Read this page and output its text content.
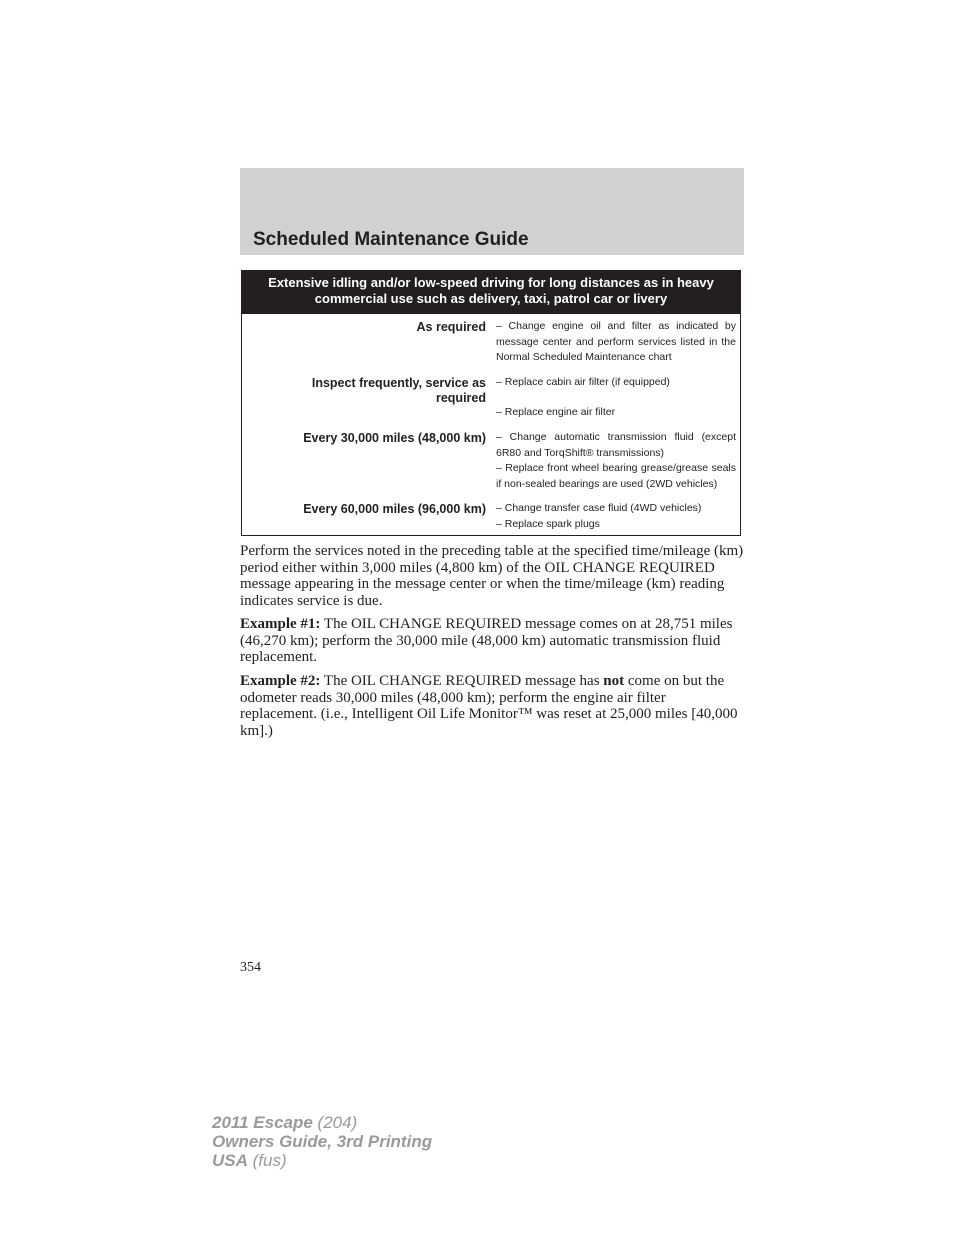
Scheduled Maintenance Guide
Extensive idling and/or low-speed driving for long distances as in heavy
commercial use such as delivery, taxi, patrol car or livery
As required – Change engine oil and filter as indicated by message center and perform services listed in the Normal Scheduled Maintenance chart
Inspect frequently, service as required
– Replace cabin air filter (if equipped)
– Replace engine air filter
Every 30,000 miles (48,000 km) – Change automatic transmission fluid (except 6R80 and TorqShift® transmissions)
– Replace front wheel bearing grease/grease seals if non-sealed bearings are used (2WD vehicles)
Every 60,000 miles (96,000 km) – Change transfer case fluid (4WD vehicles)
– Replace spark plugs

Perform the services noted in the preceding table at the specified time/mileage (km) period either within 3,000 miles (4,800 km) of the OIL CHANGE REQUIRED message appearing in the message center or when the time/mileage (km) reading indicates service is due.

Example #1: The OIL CHANGE REQUIRED message comes on at 28,751 miles (46,270 km); perform the 30,000 mile (48,000 km) automatic transmission fluid replacement.

Example #2: The OIL CHANGE REQUIRED message has not come on but the odometer reads 30,000 miles (48,000 km); perform the engine air filter replacement. (i.e., Intelligent Oil Life Monitor™ was reset at 25,000 miles [40,000 km].)

354
2011 Escape (204)
Owners Guide, 3rd Printing
USA (fus)
